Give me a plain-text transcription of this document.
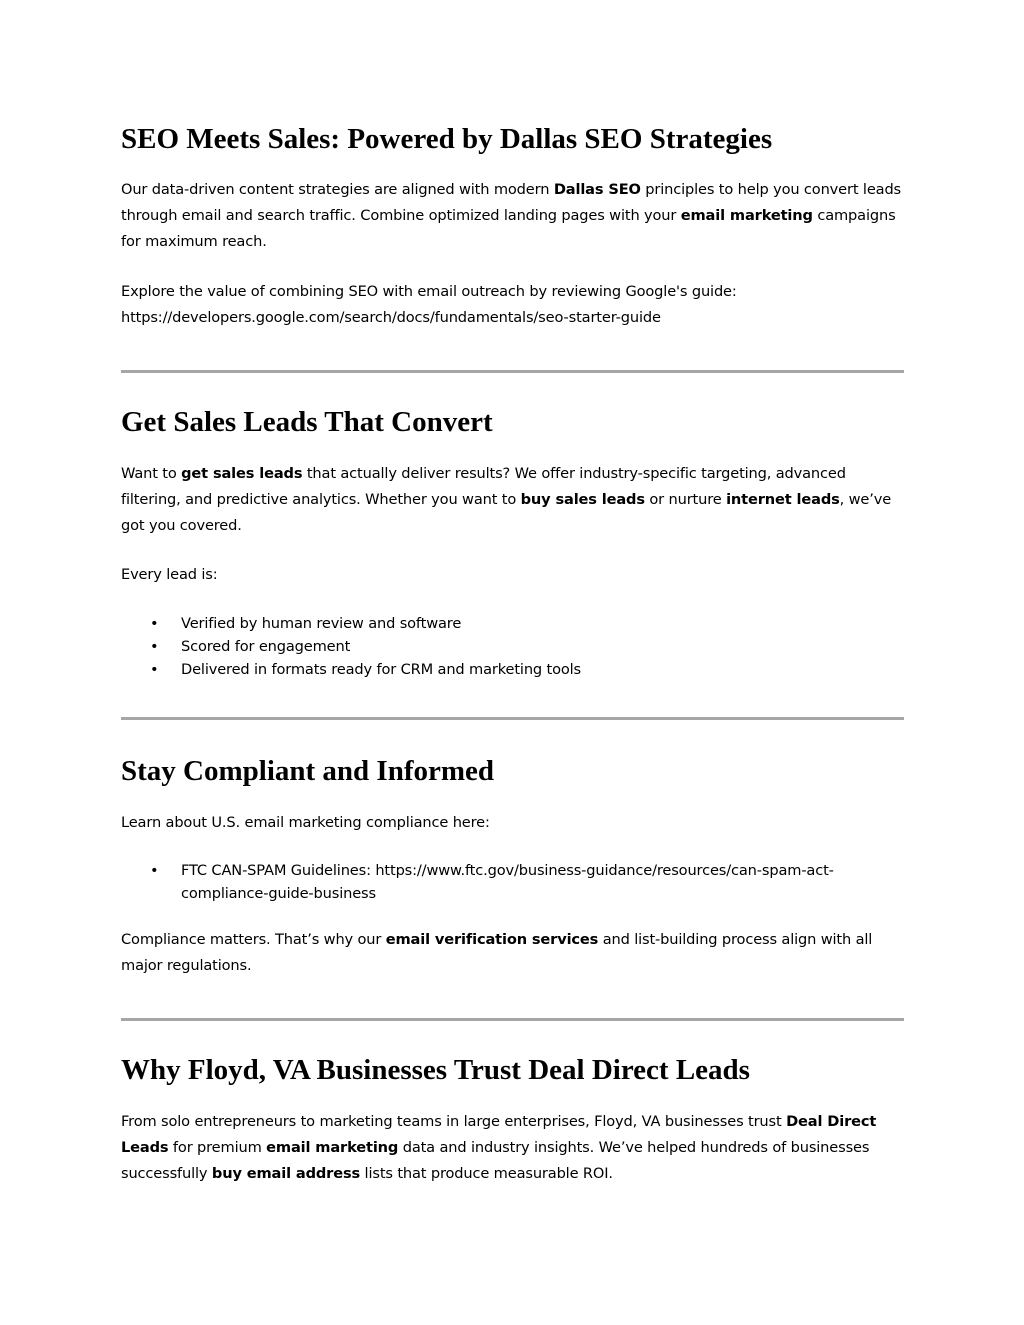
SEO Meets Sales: Powered by Dallas SEO Strategies

Our data-driven content strategies are aligned with modern Dallas SEO principles to help you convert leads through email and search traffic. Combine optimized landing pages with your email marketing campaigns for maximum reach.

Explore the value of combining SEO with email outreach by reviewing Google's guide:
https://developers.google.com/search/docs/fundamentals/seo-starter-guide

Get Sales Leads That Convert

Want to get sales leads that actually deliver results? We offer industry-specific targeting, advanced filtering, and predictive analytics. Whether you want to buy sales leads or nurture internet leads, we’ve got you covered.

Every lead is:

• Verified by human review and software
• Scored for engagement
• Delivered in formats ready for CRM and marketing tools
Stay Compliant and Informed

Learn about U.S. email marketing compliance here:

• FTC CAN-SPAM Guidelines: https://www.ftc.gov/business-guidance/resources/can-spam-act-
compliance-guide-business

Compliance matters. That’s why our email verification services and list-building process align with all major regulations.

Why Floyd, VA Businesses Trust Deal Direct Leads

From solo entrepreneurs to marketing teams in large enterprises, Floyd, VA businesses trust Deal Direct Leads for premium email marketing data and industry insights. We’ve helped hundreds of businesses successfully buy email address lists that produce measurable ROI.
